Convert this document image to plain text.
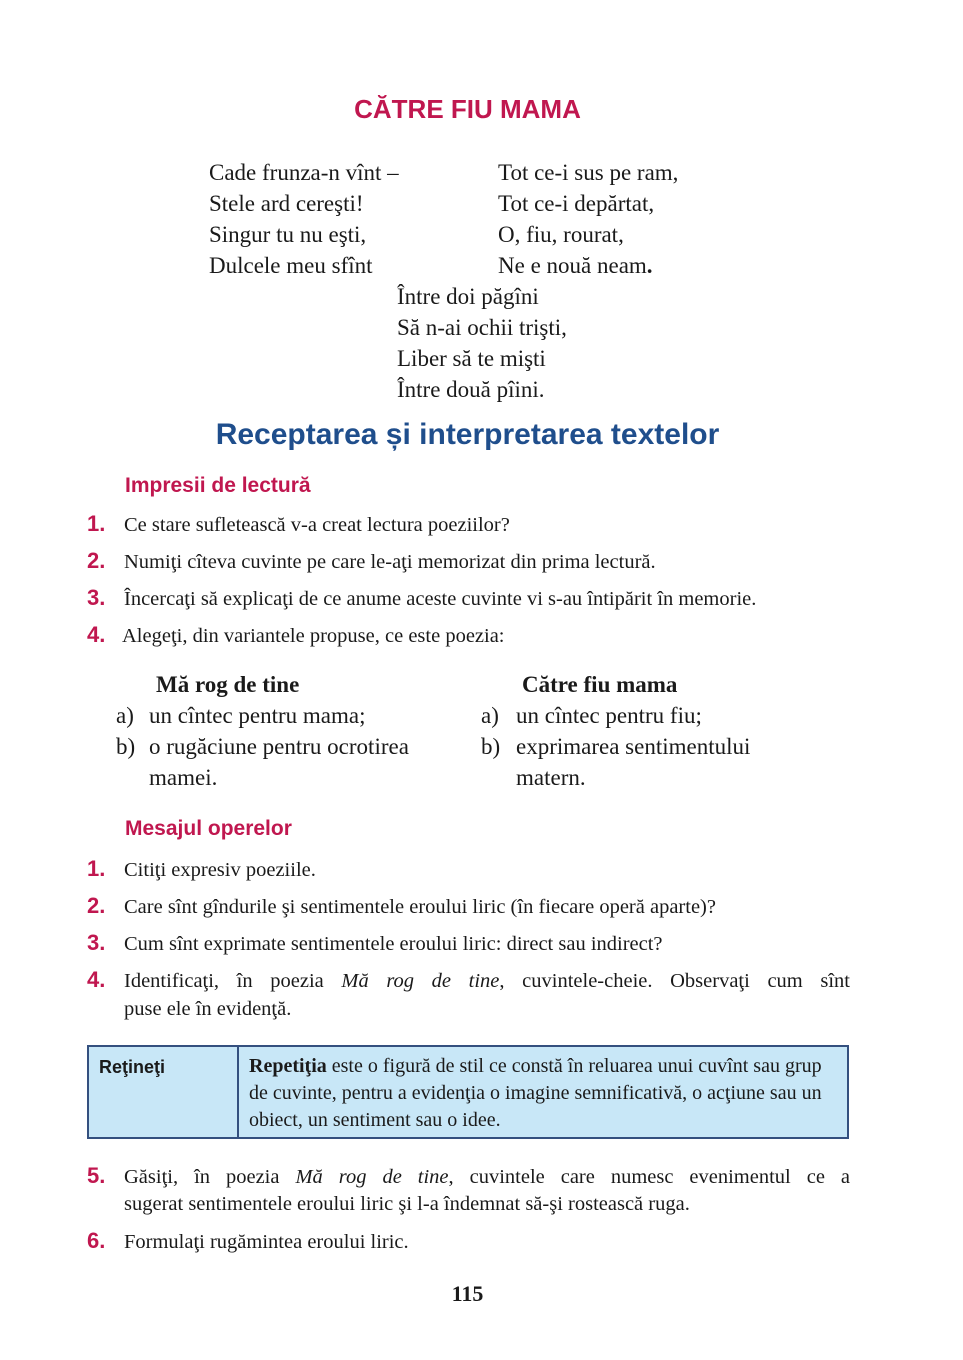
CĂTRE FIU MAMA
Cade frunza-n vînt –
Stele ard cereşti!
Singur tu nu eşti,
Dulcele meu sfînt
Tot ce-i sus pe ram,
Tot ce-i depărtat,
O, fiu, rourat,
Ne e nouă neam.
Între doi păgîni
Să n-ai ochii trişti,
Liber să te mişti
Între două pîini.
Receptarea și interpretarea textelor
Impresii de lectură
1. Ce stare sufletească v-a creat lectura poeziilor?
2. Numiţi cîteva cuvinte pe care le-aţi memorizat din prima lectură.
3. Încercaţi să explicaţi de ce anume aceste cuvinte vi s-au întipărit în memorie.
4. Alegeţi, din variantele propuse, ce este poezia:
Mă rog de tine
a) un cîntec pentru mama;
b) o rugăciune pentru ocrotirea
mamei.
Către fiu mama
a) un cîntec pentru fiu;
b) exprimarea sentimentului
matern.
Mesajul operelor
1. Citiţi expresiv poeziile.
2. Care sînt gîndurile şi sentimentele eroului liric (în fiecare operă aparte)?
3. Cum sînt exprimate sentimentele eroului liric: direct sau indirect?
4. Identificaţi, în poezia Mă rog de tine, cuvintele-cheie. Observaţi cum sînt
puse ele în evidenţă.
Reţineţi	Repetiţia este o figură de stil ce constă în reluarea unui cuvînt sau grup de cuvinte, pentru a evidenţia o imagine semnificativă, o acţiune sau un obiect, un sentiment sau o idee.
5. Găsiţi, în poezia Mă rog de tine, cuvintele care numesc evenimentul ce a
sugerat sentimentele eroului liric şi l-a îndemnat să-şi rostească ruga.
6. Formulaţi rugămintea eroului liric.
115
